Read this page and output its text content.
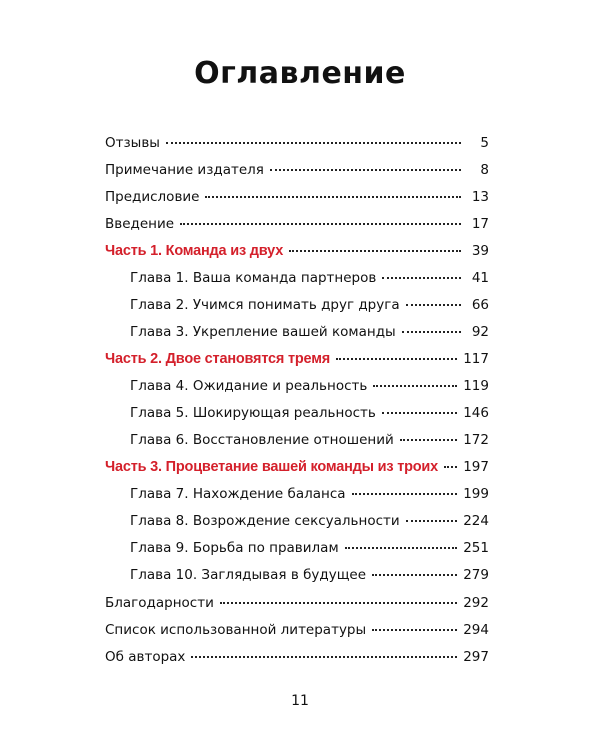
Оглавление
Отзывы	5
Примечание издателя	8
Предисловие	13
Введение	17
Часть 1. Команда из двух	39
Глава 1. Ваша команда партнеров	41
Глава 2. Учимся понимать друг друга	66
Глава 3. Укрепление вашей команды	92
Часть 2. Двое становятся тремя	117
Глава 4. Ожидание и реальность	119
Глава 5. Шокирующая реальность	146
Глава 6. Восстановление отношений	172
Часть 3. Процветание вашей команды из троих 197
Глава 7. Нахождение баланса	199
Глава 8. Возрождение сексуальности	224
Глава 9. Борьба по правилам	251
Глава 10. Заглядывая в будущее	279
Благодарности	292
Список использованной литературы	294
Об авторах	297
11
